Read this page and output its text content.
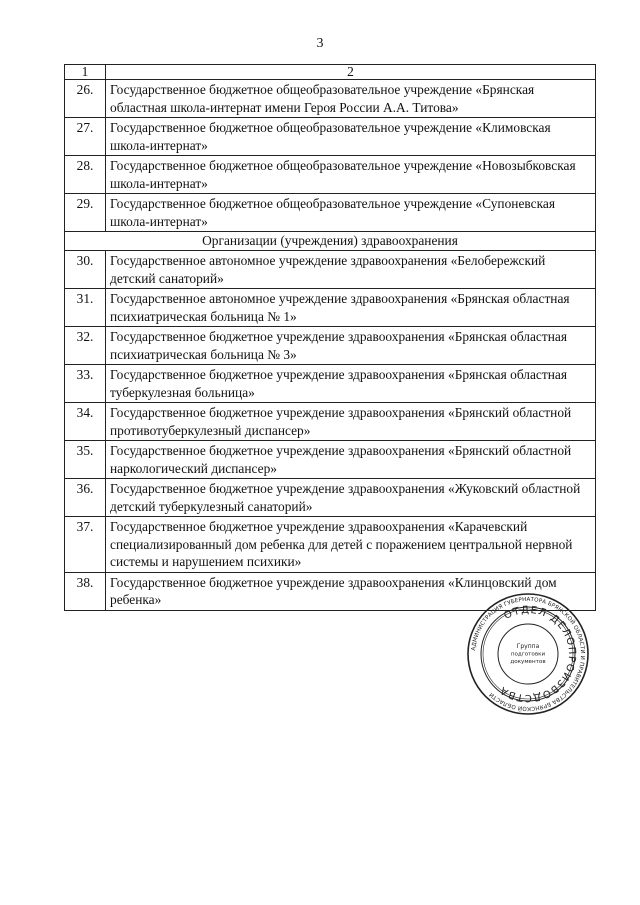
3
1	2
26.	Государственное бюджетное общеобразовательное учреждение «Брянская областная школа-интернат имени Героя России А.А. Титова»
27.	Государственное бюджетное общеобразовательное учреждение «Климовская школа-интернат»
28.	Государственное бюджетное общеобразовательное учреждение «Новозыбковская школа-интернат»
29.	Государственное бюджетное общеобразовательное учреждение «Супоневская школа-интернат»
Организации (учреждения) здравоохранения	
30.	Государственное автономное учреждение здравоохранения «Белобережский детский санаторий»
31.	Государственное автономное учреждение здравоохранения «Брянская областная психиатрическая больница № 1»
32.	Государственное бюджетное учреждение здравоохранения «Брянская областная психиатрическая больница № 3»
33.	Государственное бюджетное учреждение здравоохранения «Брянская областная туберкулезная больница»
34.	Государственное бюджетное учреждение здравоохранения «Брянский областной противотуберкулезный диспансер»
35.	Государственное бюджетное учреждение здравоохранения «Брянский областной наркологический диспансер»
36.	Государственное бюджетное учреждение здравоохранения «Жуковский областной детский туберкулезный санаторий»
37.	Государственное бюджетное учреждение здравоохранения «Карачевский специализированный дом ребенка для детей с поражением центральной нервной системы и нарушением психики»
38.	Государственное бюджетное учреждение здравоохранения «Клинцовский дом ребенка»
АДМИНИСТРАЦИЯ ГУБЕРНАТОРА БРЯНСКОЙ ОБЛАСТИ И ПРАВИТЕЛЬСТВА БРЯНСКОЙ ОБЛАСТИ
ОТДЕЛ ДЕЛОПРОИЗВОДСТВА
Группа
подготовки
документов
